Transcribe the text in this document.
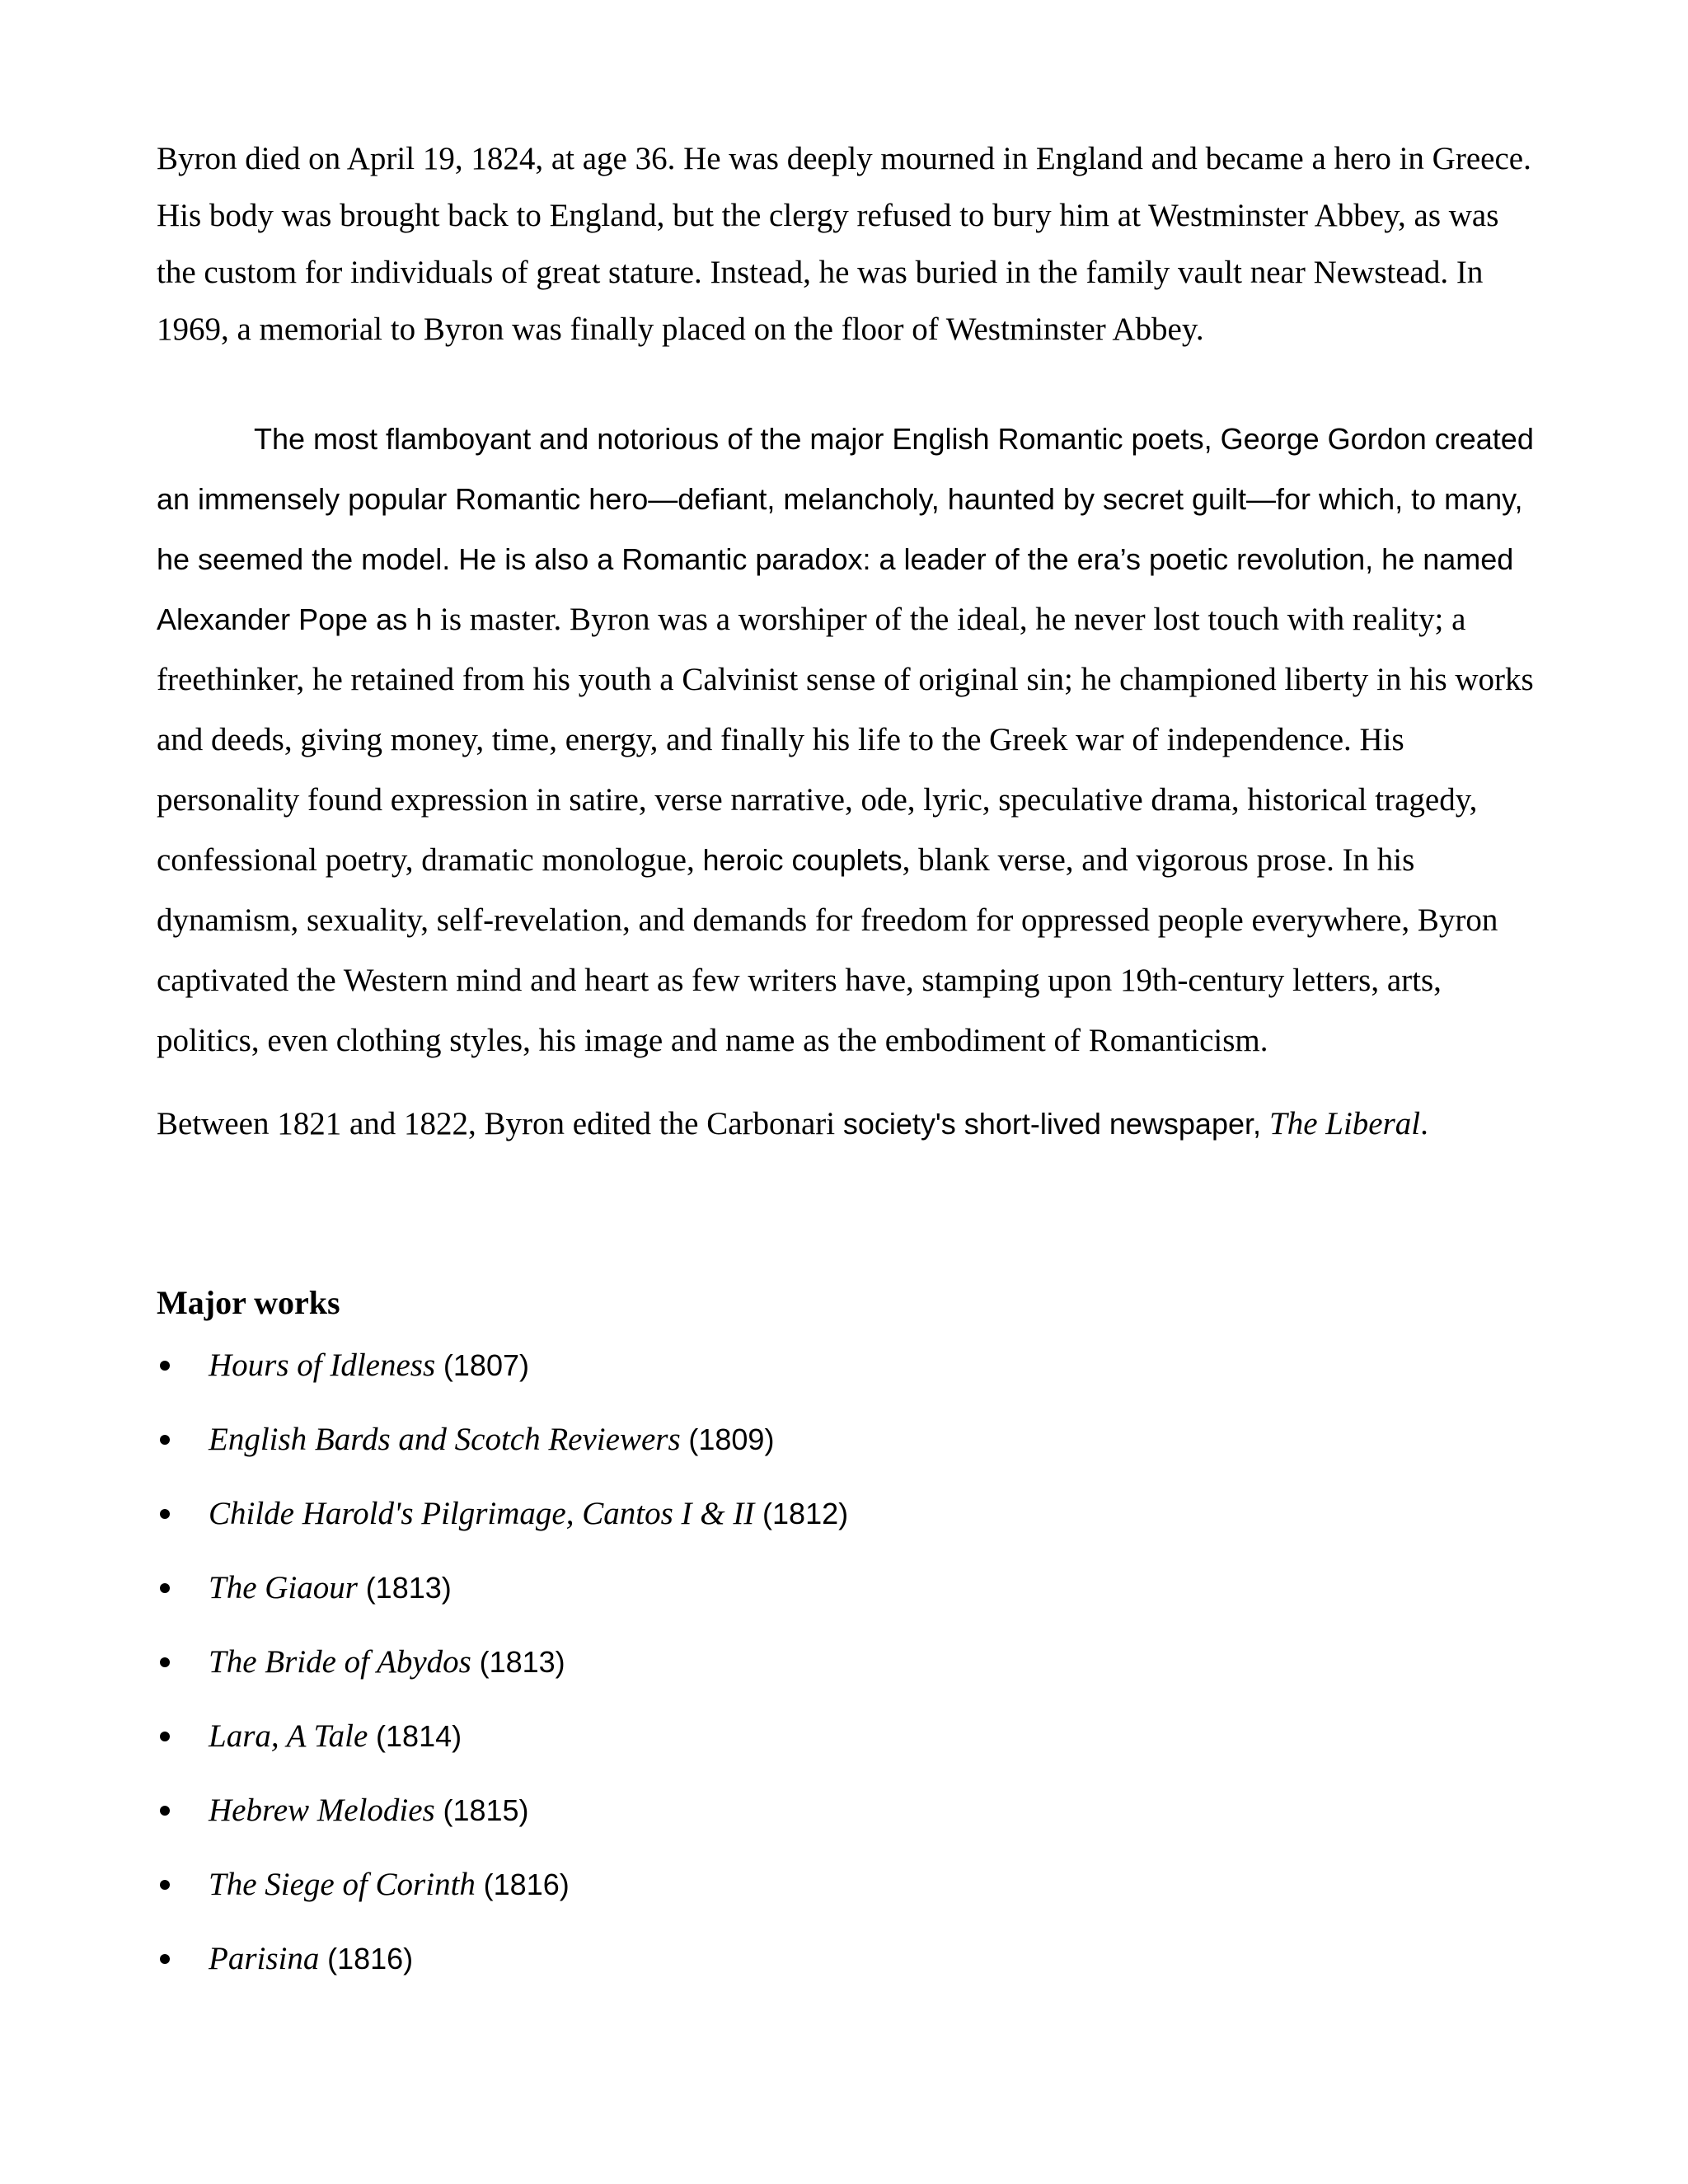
Byron died on April 19, 1824, at age 36. He was deeply mourned in England and became a hero in Greece. His body was brought back to England, but the clergy refused to bury him at Westminster Abbey, as was the custom for individuals of great stature. Instead, he was buried in the family vault near Newstead. In 1969, a memorial to Byron was finally placed on the floor of Westminster Abbey.

The most flamboyant and notorious of the major English Romantic poets, George Gordon created an immensely popular Romantic hero—defiant, melancholy, haunted by secret guilt—for which, to many, he seemed the model. He is also a Romantic paradox: a leader of the era’s poetic revolution, he named Alexander Pope as h is master. Byron was a worshiper of the ideal, he never lost touch with reality; a freethinker, he retained from his youth a Calvinist sense of original sin; he championed liberty in his works and deeds, giving money, time, energy, and finally his life to the Greek war of independence. His personality found expression in satire, verse narrative, ode, lyric, speculative drama, historical tragedy, confessional poetry, dramatic monologue, heroic couplets, blank verse, and vigorous prose. In his dynamism, sexuality, self-revelation, and demands for freedom for oppressed people everywhere, Byron captivated the Western mind and heart as few writers have, stamping upon 19th-century letters, arts, politics, even clothing styles, his image and name as the embodiment of Romanticism.

Between 1821 and 1822, Byron edited the Carbonari society's short-lived newspaper, The Liberal.

Major works
Hours of Idleness (1807)
English Bards and Scotch Reviewers (1809)
Childe Harold's Pilgrimage, Cantos I & II (1812)
The Giaour (1813)
The Bride of Abydos (1813)
Lara, A Tale (1814)
Hebrew Melodies (1815)
The Siege of Corinth (1816)
Parisina (1816)
